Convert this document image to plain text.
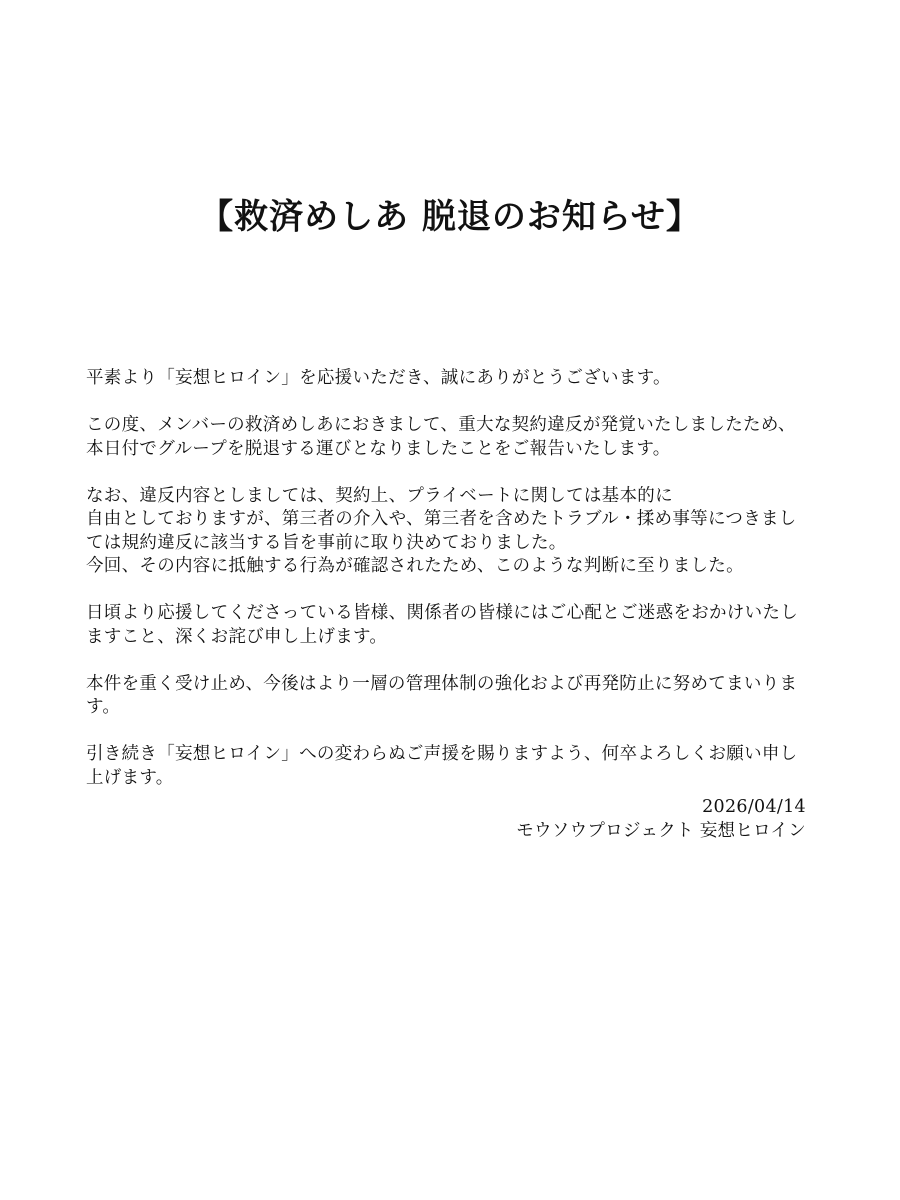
【救済めしあ 脱退のお知らせ】

平素より「妄想ヒロイン」を応援いただき、誠にありがとうございます。

この度、メンバーの救済めしあにおきまして、重大な契約違反が発覚いたしましたため、
本日付でグループを脱退する運びとなりましたことをご報告いたします。

なお、違反内容としましては、契約上、プライベートに関しては基本的に
自由としておりますが、第三者の介入や、第三者を含めたトラブル・揉め事等につきまし
ては規約違反に該当する旨を事前に取り決めておりました。
今回、その内容に抵触する行為が確認されたため、このような判断に至りました。

日頃より応援してくださっている皆様、関係者の皆様にはご心配とご迷惑をおかけいたし
ますこと、深くお詫び申し上げます。

本件を重く受け止め、今後はより一層の管理体制の強化および再発防止に努めてまいりま
す。

引き続き「妄想ヒロイン」への変わらぬご声援を賜りますよう、何卒よろしくお願い申し
上げます。

2026/04/14
モウソウプロジェクト 妄想ヒロイン
